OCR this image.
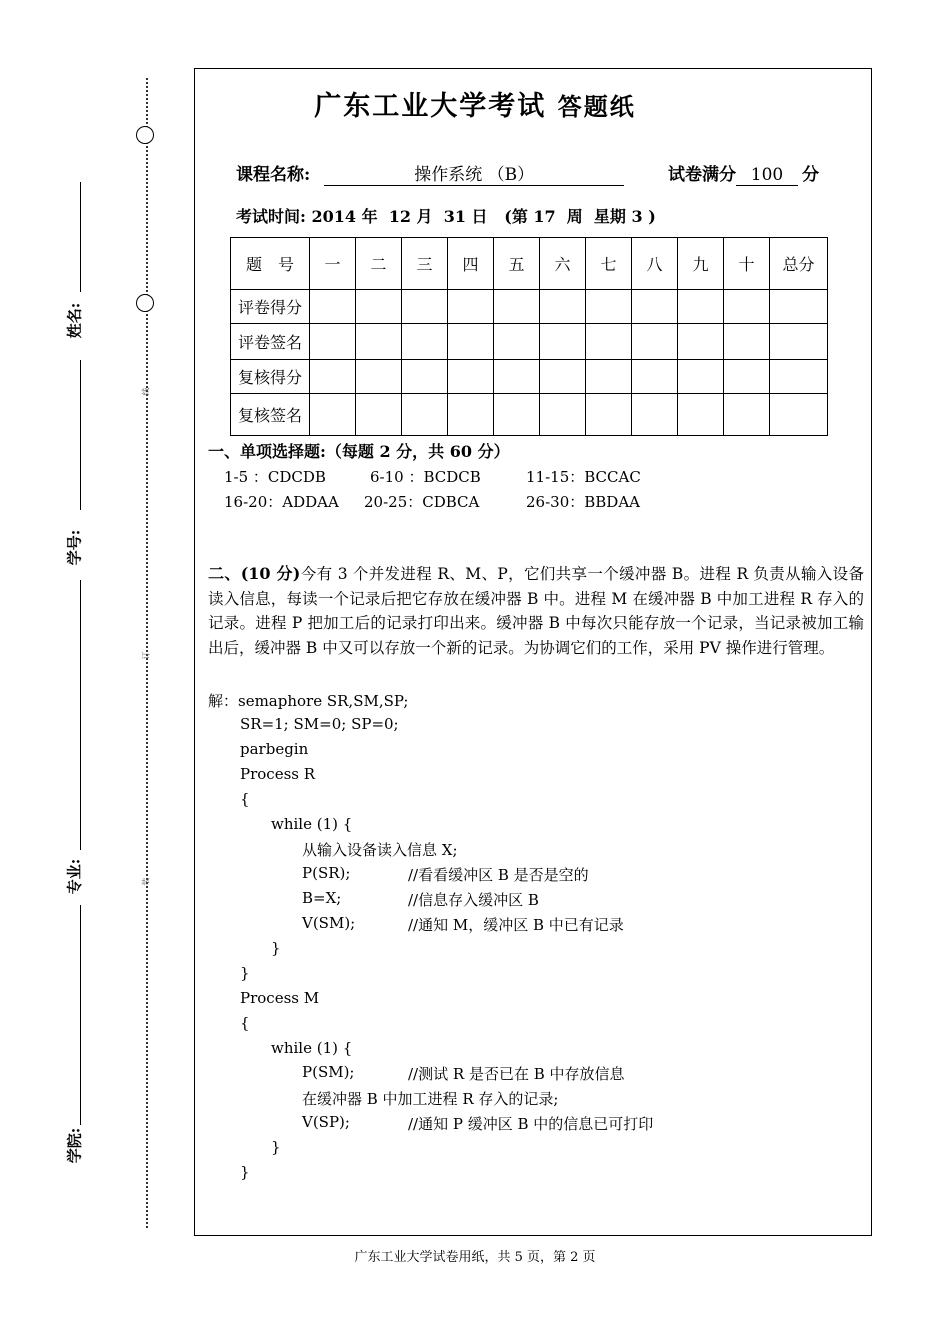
姓名:
学号:
专业:
学院:
线
订
装
广东工业大学考试 答题纸
课程名称:	操作系统 （B）	试卷满分 100 分
考试时间: 2014 年  12 月  31 日   (第 17  周  星期 3 )
题　号	一	二	三	四	五	六	七	八	九	十	总分
评卷得分											
评卷签名											
复核得分											
复核签名											
一、单项选择题:（每题 2 分，共 60 分）
1-5 ：CDCDB	6-10 ：BCDCB	11-15：BCCAC
16-20：ADDAA 20-25：CDBCA	26-30：BBDAA
二、(10 分)今有 3 个并发进程 R、M、P，它们共享一个缓冲器 B。进程 R 负责从输入设备读入信息，每读一个记录后把它存放在缓冲器 B 中。进程 M 在缓冲器 B 中加工进程 R 存入的记录。进程 P 把加工后的记录打印出来。缓冲器 B 中每次只能存放一个记录，当记录被加工输出后，缓冲器 B 中又可以存放一个新的记录。为协调它们的工作，采用 PV 操作进行管理。
解：semaphore SR,SM,SP;
SR=1; SM=0; SP=0;
parbegin
Process R
{
while (1) {
从输入设备读入信息 X;
P(SR);	//看看缓冲区 B 是否是空的
B=X;	//信息存入缓冲区 B
V(SM);	//通知 M，缓冲区 B 中已有记录
}
}
Process M
{
while (1) {
P(SM);	//测试 R 是否已在 B 中存放信息
在缓冲器 B 中加工进程 R 存入的记录;
V(SP);	//通知 P 缓冲区 B 中的信息已可打印
}
}
广东工业大学试卷用纸，共 5 页，第 2 页
